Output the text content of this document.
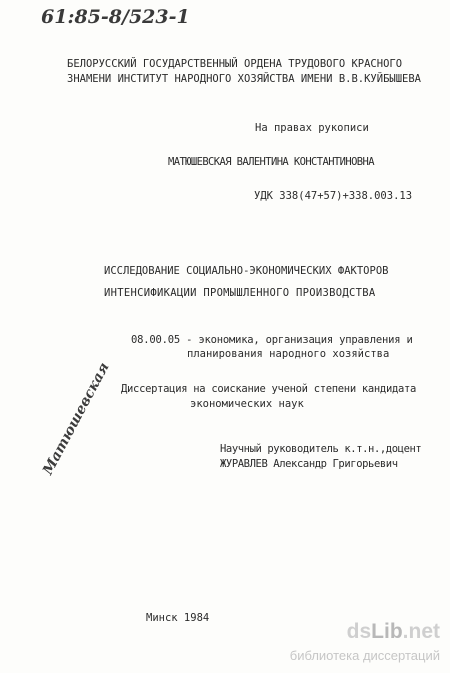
61:85-8/523-1
БЕЛОРУССКИЙ ГОСУДАРСТВЕННЫЙ ОРДЕНА ТРУДОВОГО КРАСНОГО
ЗНАМЕНИ ИНСТИТУТ НАРОДНОГО ХОЗЯЙСТВА ИМЕНИ В.В.КУЙБЫШЕВА
На правах рукописи
МАТЮШЕВСКАЯ ВАЛЕНТИНА КОНСТАНТИНОВНА
УДК 338(47+57)+338.003.13
ИССЛЕДОВАНИЕ СОЦИАЛЬНО-ЭКОНОМИЧЕСКИХ ФАКТОРОВ
ИНТЕНСИФИКАЦИИ ПРОМЫШЛЕННОГО ПРОИЗВОДСТВА
08.00.05 - экономика, организация управления и
планирования народного хозяйства
Диссертация на соискание ученой степени кандидата
экономических наук
Научный руководитель к.т.н.,доцент
ЖУРАВЛЕВ Александр Григорьевич
Матюшевская
Минск 1984
dsLib.net
библиотека диссертаций
